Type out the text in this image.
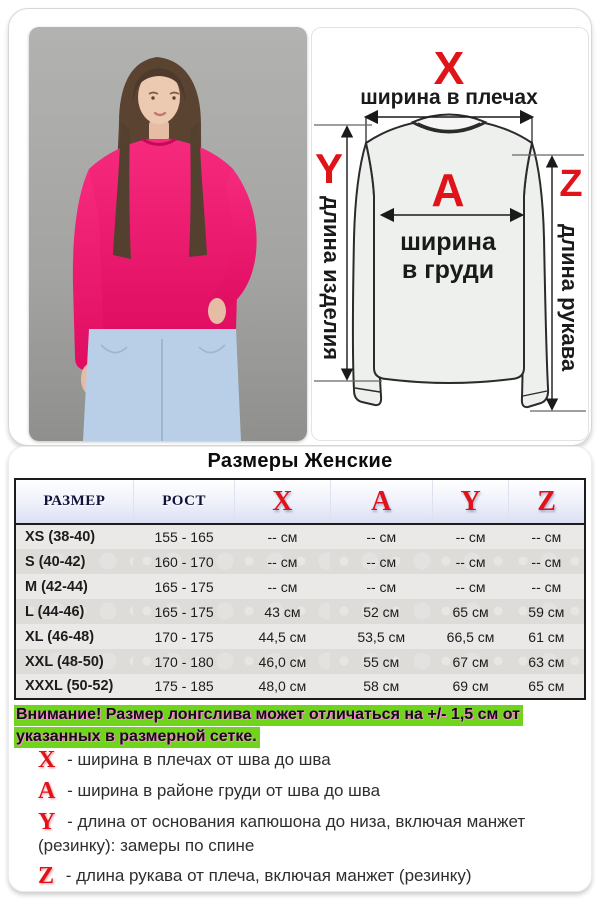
X
ширина в плечах
Y
длина изделия
Z
длина рукава
A
ширина
в груди
Размеры Женские
РАЗМЕР	РОСТ	X	A	Y	Z
XS (38-40)	155 - 165	-- см	-- см	-- см	-- см
S (40-42)	160 - 170	-- см	-- см	-- см	-- см
M (42-44)	165 - 175	-- см	-- см	-- см	-- см
L (44-46)	165 - 175	43 см	52 см	65 см	59 см
XL (46-48)	170 - 175	44,5 см	53,5 см	66,5 см	61 см
XXL (48-50)	170 - 180	46,0 см	55 см	67 см	63 см
XXXL (50-52)	175 - 185	48,0 см	58 см	69 см	65 см
Внимание! Размер лонгслива может отличаться на +/- 1,5 см от
указанных в размерной сетке.
X - ширина в плечах от шва до шва
A - ширина в районе груди от шва до шва
Y - длина от основания капюшона до низа, включая манжет (резинку): замеры по спине
Z - длина рукава от плеча, включая манжет (резинку)
